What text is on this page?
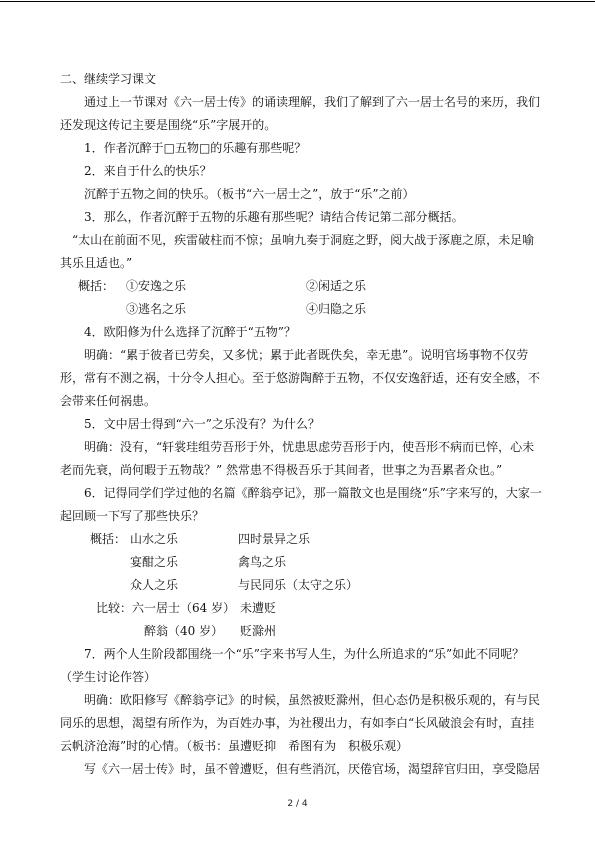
二、继续学习课文

通过上一节课对《六一居士传》的诵读理解，我们了解到了六一居士名号的来历，我们还发现这传记主要是围绕“乐”字展开的。

1．作者沉醉于□五物□的乐趣有那些呢？

2．来自于什么的快乐？

沉醉于五物之间的快乐。（板书“六一居士之”，放于“乐”之前）

3．那么，作者沉醉于五物的乐趣有那些呢？请结合传记第二部分概括。

“太山在前面不见，疾雷破柱而不惊；虽响九奏于洞庭之野，阅大战于涿鹿之原，未足喻其乐且适也。”

概括： ①安逸之乐	②闲适之乐
③逃名之乐	④归隐之乐

4．欧阳修为什么选择了沉醉于“五物”？

明确：“累于彼者已劳矣，又多忧；累于此者既佚矣，幸无患”。说明官场事物不仅劳形，常有不测之祸，十分令人担心。至于悠游陶醉于五物，不仅安逸舒适，还有安全感，不会带来任何祸患。

5．文中居士得到“六一”之乐没有？为什么？

明确：没有，“轩裳珪组劳吾形于外，忧患思虑劳吾形于内，使吾形不病而已悴，心未老而先衰，尚何暇于五物哉？” 然常患不得极吾乐于其间者，世事之为吾累者众也。”

6．记得同学们学过他的名篇《醉翁亭记》，那一篇散文也是围绕“乐”字来写的，大家一起回顾一下写了那些快乐？

概括： 山水之乐	四时景异之乐
宴酣之乐	禽鸟之乐
众人之乐	与民同乐（太守之乐）
比较： 六一居士（64 岁） 未遭贬
醉翁（40 岁）	贬滁州

7．两个人生阶段都围绕一个“乐”字来书写人生，为什么所追求的“乐”如此不同呢？（学生讨论作答）

明确：欧阳修写《醉翁亭记》的时候，虽然被贬滁州，但心态仍是积极乐观的，有与民同乐的思想，渴望有所作为，为百姓办事，为社稷出力，有如李白“长风破浪会有时，直挂云帆济沧海”时的心情。（板书：虽遭贬抑　希图有为　积极乐观）

写《六一居士传》时，虽不曾遭贬，但有些消沉，厌倦官场，渴望辞官归田，享受隐居

2 / 4
